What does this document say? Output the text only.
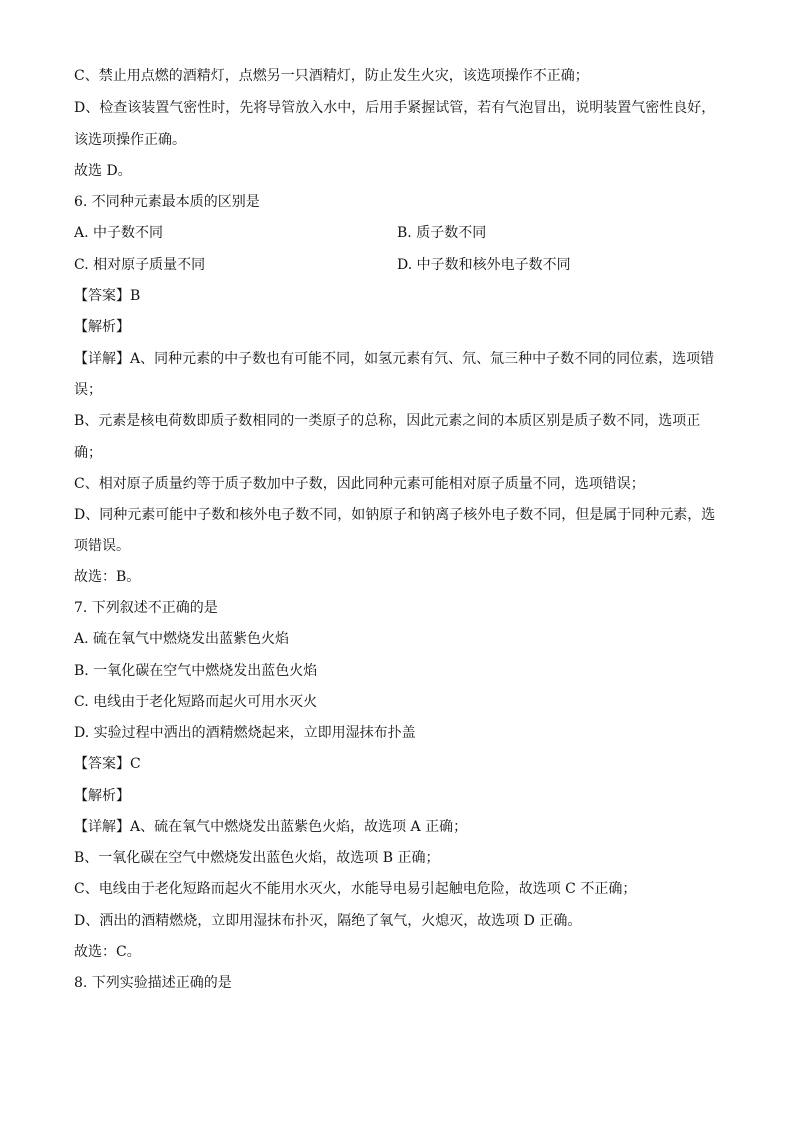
C、禁止用点燃的酒精灯，点燃另一只酒精灯，防止发生火灾，该选项操作不正确；
D、检查该装置气密性时，先将导管放入水中，后用手紧握试管，若有气泡冒出，说明装置气密性良好，
该选项操作正确。
故选 D。
6. 不同种元素最本质的区别是
A. 中子数不同	B. 质子数不同
C. 相对原子质量不同	D. 中子数和核外电子数不同
【答案】B
【解析】
【详解】A、同种元素的中子数也有可能不同，如氢元素有氕、氘、氚三种中子数不同的同位素，选项错
误；
B、元素是核电荷数即质子数相同的一类原子的总称，因此元素之间的本质区别是质子数不同，选项正
确；
C、相对原子质量约等于质子数加中子数，因此同种元素可能相对原子质量不同，选项错误；
D、同种元素可能中子数和核外电子数不同，如钠原子和钠离子核外电子数不同，但是属于同种元素，选
项错误。
故选：B。
7. 下列叙述不正确的是
A. 硫在氧气中燃烧发出蓝紫色火焰
B. 一氧化碳在空气中燃烧发出蓝色火焰
C. 电线由于老化短路而起火可用水灭火
D. 实验过程中洒出的酒精燃烧起来，立即用湿抹布扑盖
【答案】C
【解析】
【详解】A、硫在氧气中燃烧发出蓝紫色火焰，故选项 A 正确；
B、一氧化碳在空气中燃烧发出蓝色火焰，故选项 B 正确；
C、电线由于老化短路而起火不能用水灭火，水能导电易引起触电危险，故选项 C 不正确；
D、洒出的酒精燃烧，立即用湿抹布扑灭，隔绝了氧气，火熄灭，故选项 D 正确。
故选：C。
8. 下列实验描述正确的是
